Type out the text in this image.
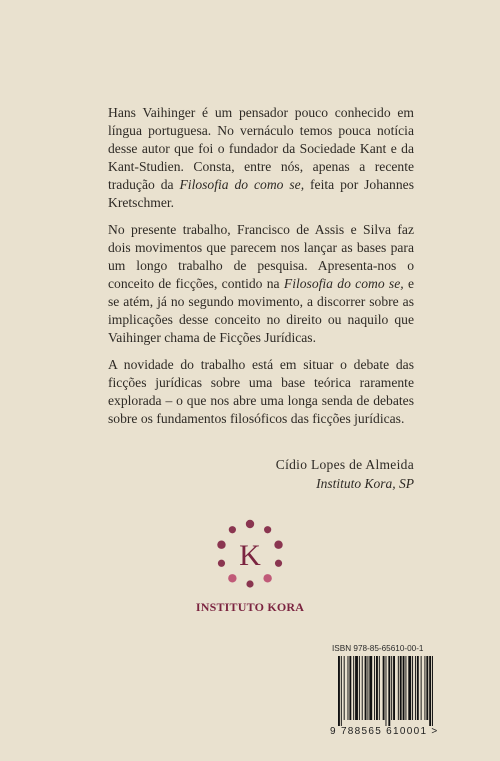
Hans Vaihinger é um pensador pouco conhecido em língua portuguesa. No vernáculo temos pouca notícia desse autor que foi o fundador da Sociedade Kant e da Kant-Studien. Consta, entre nós, apenas a recente tradução da Filosofia do como se, feita por Johannes Kretschmer.

No presente trabalho, Francisco de Assis e Silva faz dois movimentos que parecem nos lançar as bases para um longo trabalho de pesquisa. Apresenta-nos o conceito de ficções, contido na Filosofia do como se, e se atém, já no segundo movimento, a discorrer sobre as implicações desse conceito no direito ou naquilo que Vaihinger chama de Ficções Jurídicas.

A novidade do trabalho está em situar o debate das ficções jurídicas sobre uma base teórica raramente explorada – o que nos abre uma longa senda de debates sobre os fundamentos filosóficos das ficções jurídicas.

Cídio Lopes de Almeida
Instituto Kora, SP
K
INSTITUTO KORA
ISBN 978-85-65610-00-1
9 788565 610001 >
